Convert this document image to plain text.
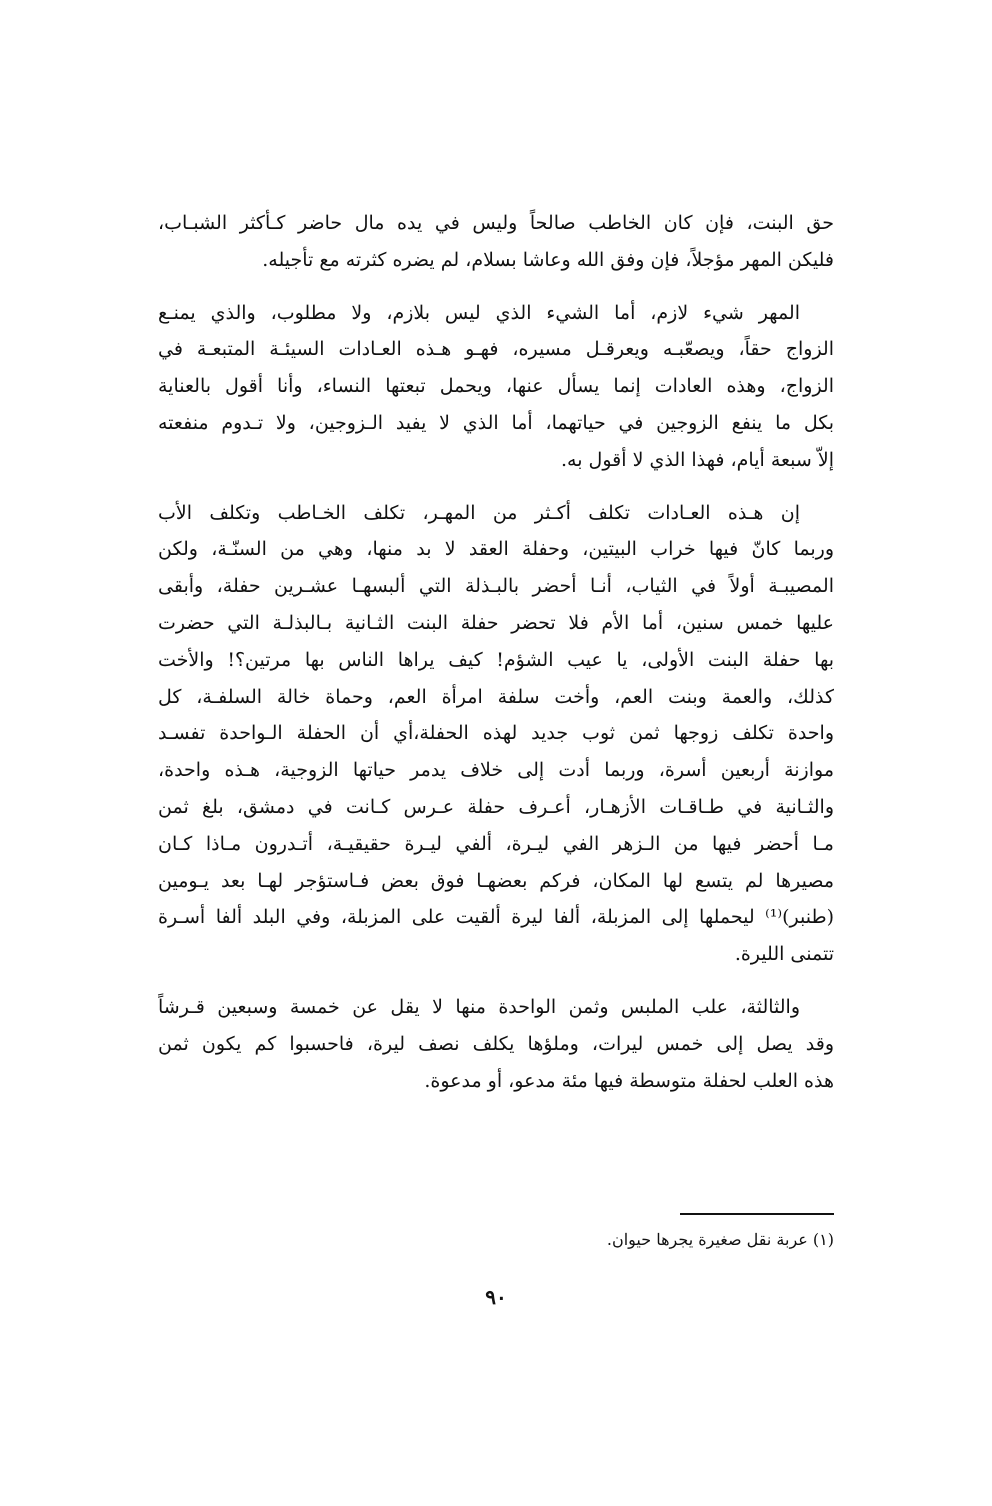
حق البنت، فإن كان الخاطب صالحاً وليس في يده مال حاضر كـأكثر الشبـاب،
فليكن المهر مؤجلاً، فإن وفق الله وعاشا بسلام، لم يضره كثرته مع تأجيله.
المهر شيء لازم، أما الشيء الذي ليس بلازم، ولا مطلوب، والذي يمنـع
الزواج حقاً، ويصعّبـه ويعرقـل مسيره، فهـو هـذه العـادات السيئـة المتبعـة في
الزواج، وهذه العادات إنما يسأل عنها، ويحمل تبعتها النساء، وأنا أقول بالعناية
بكل ما ينفع الزوجين في حياتهما، أما الذي لا يفيد الـزوجين، ولا تـدوم منفعته
إلاّ سبعة أيام، فهذا الذي لا أقول به.
إن هـذه العـادات تكلف أكـثر من المهـر، تكلف الخـاطب وتكلف الأب
وربما كانّ فيها خراب البيتين، وحفلة العقد لا بد منها، وهي من السنّـة، ولكن
المصيبـة أولاً في الثياب، أنـا أحضر بالبـذلة التي ألبسهـا عشـرين حفلة، وأبقى
عليها خمس سنين، أما الأم فلا تحضر حفلة البنت الثـانية بـالبذلـة التي حضرت
بها حفلة البنت الأولى، يا عيب الشؤم! كيف يراها الناس بها مرتين؟! والأخت
كذلك، والعمة وبنت العم، وأخت سلفة امرأة العم، وحماة خالة السلفـة، كل
واحدة تكلف زوجها ثمن ثوب جديد لهذه الحفلة،أي أن الحفلة الـواحدة تفسـد
موازنة أربعين أسرة، وربما أدت إلى خلاف يدمر حياتها الزوجية، هـذه واحدة،
والثـانية في طـاقـات الأزهـار، أعـرف حفلة عـرس كـانت في دمشق، بلغ ثمن
مـا أحضر فيها من الـزهر الفي ليـرة، ألفي ليـرة حقيقيـة، أتـدرون مـاذا كـان
مصيرها لم يتسع لها المكان، فركم بعضهـا فوق بعض فـاستؤجر لهـا بعد يـومين
(طنبر)⁽¹⁾ ليحملها إلى المزبلة، ألفا ليرة ألقيت على المزبلة، وفي البلد ألفا أسـرة
تتمنى الليرة.
والثالثة، علب الملبس وثمن الواحدة منها لا يقل عن خمسة وسبعين قـرشاً
وقد يصل إلى خمس ليرات، وملؤها يكلف نصف ليرة، فاحسبوا كم يكون ثمن
هذه العلب لحفلة متوسطة فيها مئة مدعو، أو مدعوة.
(١) عربة نقل صغيرة يجرها حيوان.
٩٠
